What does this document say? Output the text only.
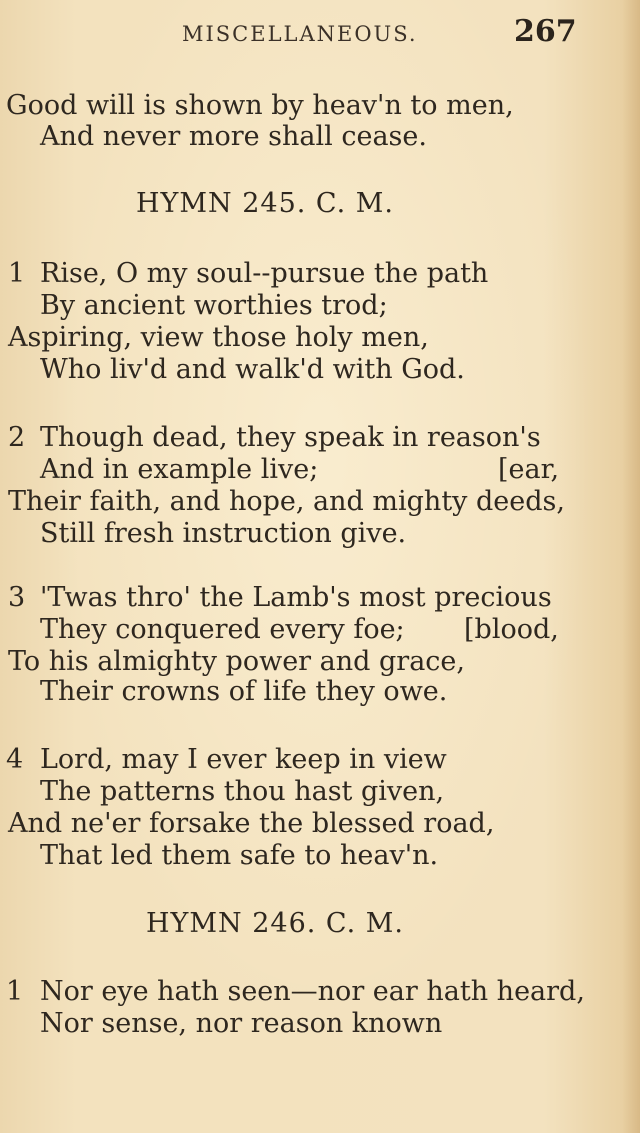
MISCELLANEOUS.	267
Good will is shown by heav'n to men,
And never more shall cease.
HYMN 245. C. M.
1 Rise, O my soul--pursue the path
By ancient worthies trod;
Aspiring, view those holy men,
Who liv'd and walk'd with God.
2 Though dead, they speak in reason's
And in example live;	[ear,
Their faith, and hope, and mighty deeds,
Still fresh instruction give.
3 'Twas thro' the Lamb's most precious
They conquered every foe; [blood,
To his almighty power and grace,
Their crowns of life they owe.
4 Lord, may I ever keep in view
The patterns thou hast given,
And ne'er forsake the blessed road,
That led them safe to heav'n.
HYMN 246. C. M.
1 Nor eye hath seen—nor ear hath heard,
Nor sense, nor reason known
